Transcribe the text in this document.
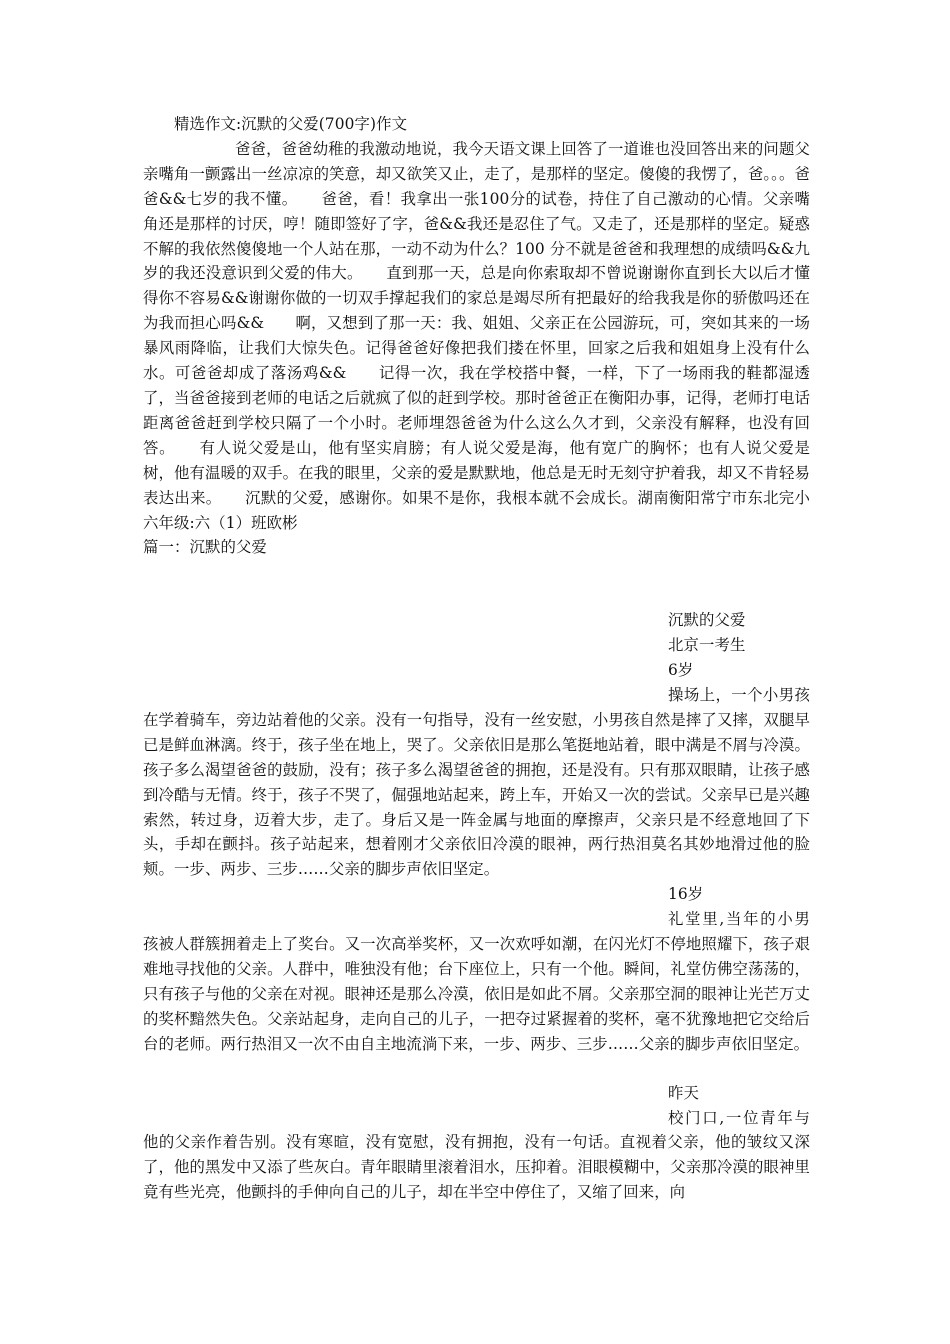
精选作文:沉默的父爱(700字)作文

爸爸，爸爸幼稚的我激动地说，我今天语文课上回答了一道谁也没回答出来的问题父亲嘴角一颤露出一丝凉凉的笑意，却又欲笑又止，走了，是那样的坚定。傻傻的我愣了，爸。。。爸爸&&七岁的我不懂。　　爸爸，看！我拿出一张100分的试卷，持住了自己激动的心情。父亲嘴角还是那样的讨厌，哼！随即签好了字，爸&&我还是忍住了气。又走了，还是那样的坚定。疑惑不解的我依然傻傻地一个人站在那，一动不动为什么？100 分不就是爸爸和我理想的成绩吗&&九岁的我还没意识到父爱的伟大。　　直到那一天，总是向你索取却不曾说谢谢你直到长大以后才懂得你不容易&&谢谢你做的一切双手撑起我们的家总是竭尽所有把最好的给我我是你的骄傲吗还在为我而担心吗&&　　啊，又想到了那一天：我、姐姐、父亲正在公园游玩，可，突如其来的一场暴风雨降临，让我们大惊失色。记得爸爸好像把我们搂在怀里，回家之后我和姐姐身上没有什么水。可爸爸却成了落汤鸡&&　　记得一次，我在学校搭中餐，一样，下了一场雨我的鞋都湿透了，当爸爸接到老师的电话之后就疯了似的赶到学校。那时爸爸正在衡阳办事，记得，老师打电话距离爸爸赶到学校只隔了一个小时。老师埋怨爸爸为什么这么久才到，父亲没有解释，也没有回答。　　有人说父爱是山，他有坚实肩膀；有人说父爱是海，他有宽广的胸怀；也有人说父爱是树，他有温暖的双手。在我的眼里，父亲的爱是默默地，他总是无时无刻守护着我，却又不肯轻易表达出来。　　沉默的父爱，感谢你。如果不是你，我根本就不会成长。湖南衡阳常宁市东北完小六年级:六（1）班欧彬

篇一：沉默的父爱

沉默的父爱
北京一考生
6岁

操场上，一个小男孩在学着骑车，旁边站着他的父亲。没有一句指导，没有一丝安慰，小男孩自然是摔了又摔，双腿早已是鲜血淋漓。终于，孩子坐在地上，哭了。父亲依旧是那么笔挺地站着，眼中满是不屑与冷漠。孩子多么渴望爸爸的鼓励，没有；孩子多么渴望爸爸的拥抱，还是没有。只有那双眼睛，让孩子感到冷酷与无情。终于，孩子不哭了，倔强地站起来，跨上车，开始又一次的尝试。父亲早已是兴趣索然，转过身，迈着大步，走了。身后又是一阵金属与地面的摩擦声，父亲只是不经意地回了下头，手却在颤抖。孩子站起来，想着刚才父亲依旧冷漠的眼神，两行热泪莫名其妙地滑过他的脸颊。一步、两步、三步……父亲的脚步声依旧坚定。

16岁

礼堂里,当年的小男孩被人群簇拥着走上了奖台。又一次高举奖杯，又一次欢呼如潮，在闪光灯不停地照耀下，孩子艰难地寻找他的父亲。人群中，唯独没有他；台下座位上，只有一个他。瞬间，礼堂仿佛空荡荡的，只有孩子与他的父亲在对视。眼神还是那么冷漠，依旧是如此不屑。父亲那空洞的眼神让光芒万丈的奖杯黯然失色。父亲站起身，走向自己的儿子，一把夺过紧握着的奖杯，毫不犹豫地把它交给后台的老师。两行热泪又一次不由自主地流淌下来，一步、两步、三步……父亲的脚步声依旧坚定。

昨天

校门口,一位青年与他的父亲作着告别。没有寒暄，没有宽慰，没有拥抱，没有一句话。直视着父亲，他的皱纹又深了，他的黑发中又添了些灰白。青年眼睛里滚着泪水，压抑着。泪眼模糊中，父亲那冷漠的眼神里竟有些光亮，他颤抖的手伸向自己的儿子，却在半空中停住了，又缩了回来，向
